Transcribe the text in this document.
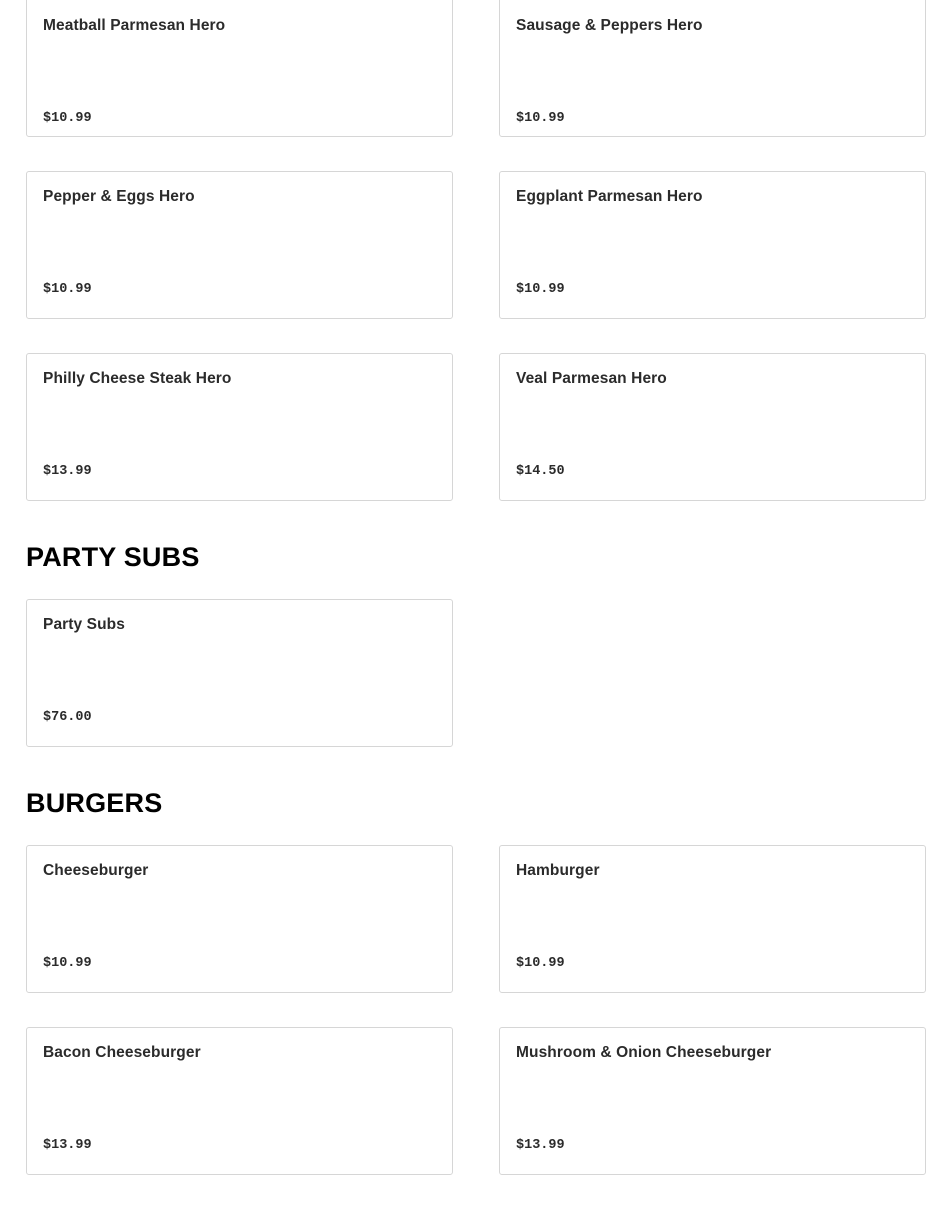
Meatball Parmesan Hero
$10.99
Sausage & Peppers Hero
$10.99
Pepper & Eggs Hero
$10.99
Eggplant Parmesan Hero
$10.99
Philly Cheese Steak Hero
$13.99
Veal Parmesan Hero
$14.50
PARTY SUBS
Party Subs
$76.00
BURGERS
Cheeseburger
$10.99
Hamburger
$10.99
Bacon Cheeseburger
$13.99
Mushroom & Onion Cheeseburger
$13.99
